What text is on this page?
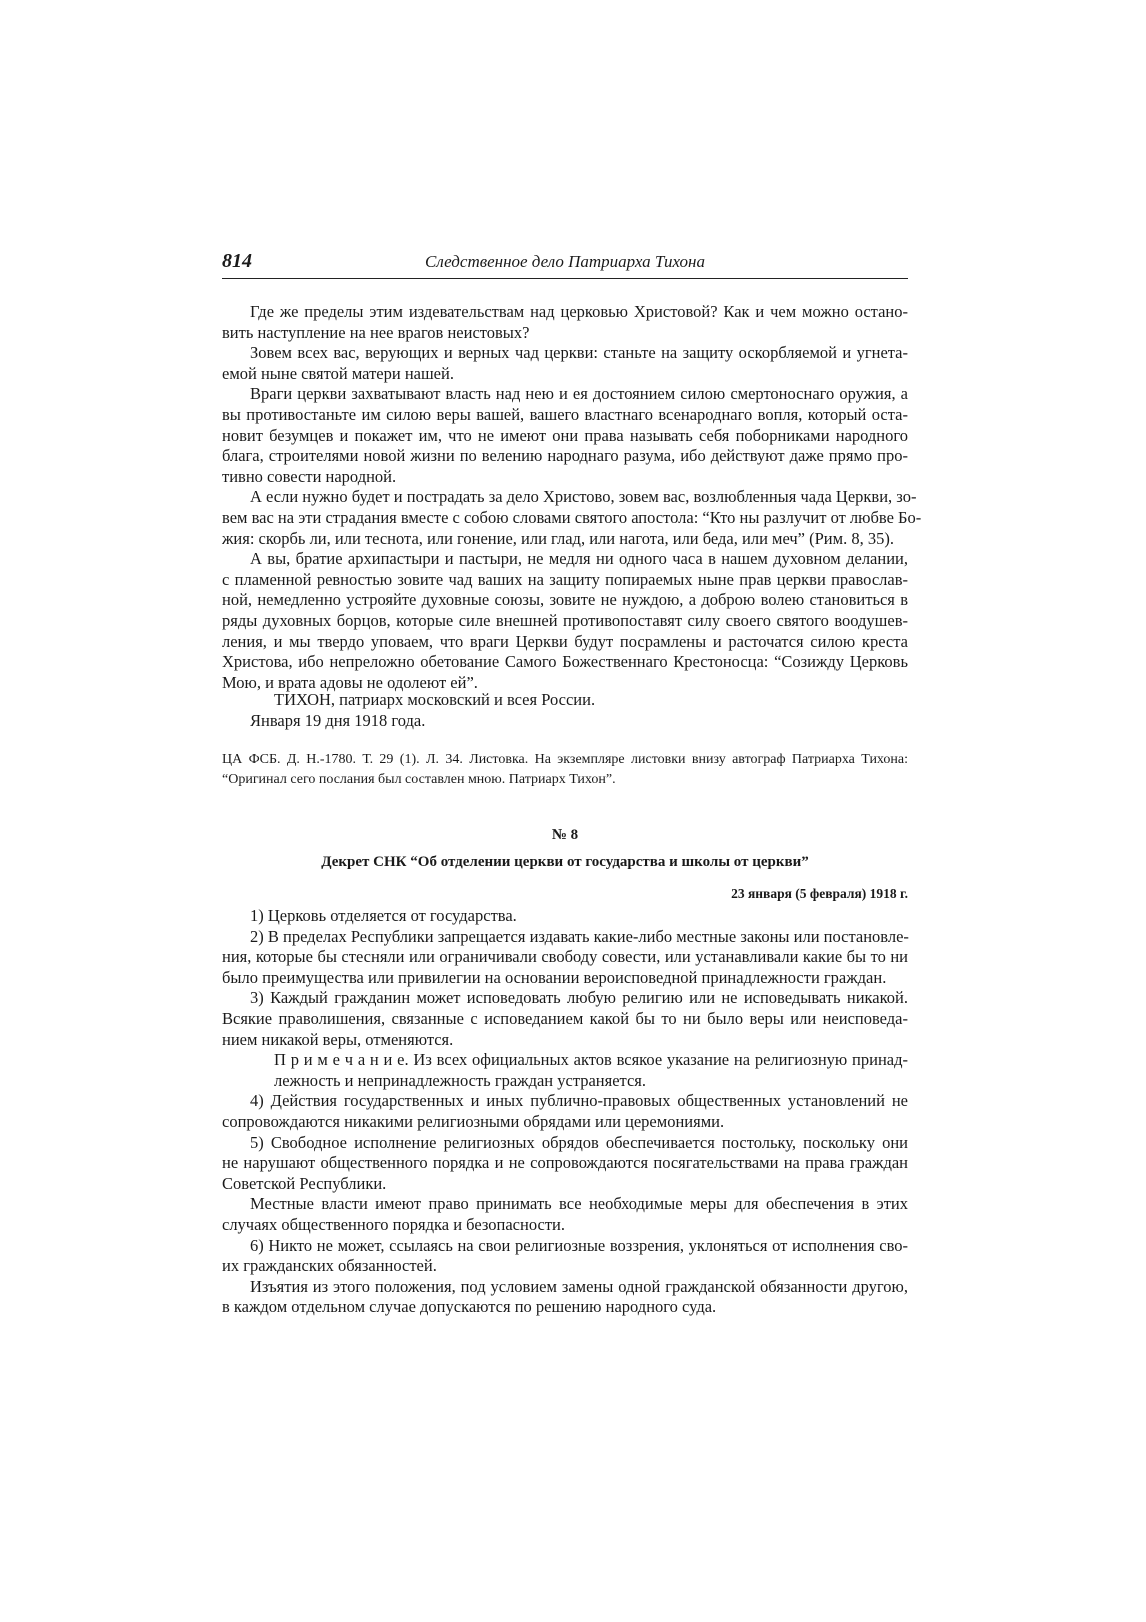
814	Следственное дело Патриарха Тихона
Где же пределы этим издевательствам над церковью Христовой? Как и чем можно остано-
вить наступление на нее врагов неистовых?
Зовем всех вас, верующих и верных чад церкви: станьте на защиту оскорбляемой и угнета-
емой ныне святой матери нашей.
Враги церкви захватывают власть над нею и ея достоянием силою смертоноснаго оружия, а
вы противостаньте им силою веры вашей, вашего властнаго всенароднаго вопля, который оста-
новит безумцев и покажет им, что не имеют они права называть себя поборниками народного
блага, строителями новой жизни по велению народнаго разума, ибо действуют даже прямо про-
тивно совести народной.
А если нужно будет и пострадать за дело Христово, зовем вас, возлюбленныя чада Церкви, зо-
вем вас на эти страдания вместе с собою словами святого апостола: “Кто ны разлучит от любве Бо-
жия: скорбь ли, или теснота, или гонение, или глад, или нагота, или беда, или меч” (Рим. 8, 35).
А вы, братие архипастыри и пастыри, не медля ни одного часа в нашем духовном делании,
с пламенной ревностью зовите чад ваших на защиту попираемых ныне прав церкви православ-
ной, немедленно устрояйте духовные союзы, зовите не нуждою, а доброю волею становиться в
ряды духовных борцов, которые силе внешней противопоставят силу своего святого воодушев-
ления, и мы твердо уповаем, что враги Церкви будут посрамлены и расточатся силою креста
Христова, ибо непреложно обетование Самого Божественнаго Крестоносца: “Созижду Церковь
Мою, и врата адовы не одолеют ей”.
ТИХОН, патриарх московский и всея России.
Января 19 дня 1918 года.
ЦА ФСБ. Д. Н.-1780. Т. 29 (1). Л. 34. Листовка. На экземпляре листовки внизу автограф Патриарха Тихона:
“Оригинал сего послания был составлен мною. Патриарх Тихон”.
№ 8
Декрет СНК “Об отделении церкви от государства и школы от церкви”
23 января (5 февраля) 1918 г.
1) Церковь отделяется от государства.
2) В пределах Республики запрещается издавать какие-либо местные законы или постановле-
ния, которые бы стесняли или ограничивали свободу совести, или устанавливали какие бы то ни
было преимущества или привилегии на основании вероисповедной принадлежности граждан.
3) Каждый гражданин может исповедовать любую религию или не исповедывать никакой.
Всякие праволишения, связанные с исповеданием какой бы то ни было веры или неисповеда-
нием никакой веры, отменяются.
П р и м е ч а н и е. Из всех официальных актов всякое указание на религиозную принад-
лежность и непринадлежность граждан устраняется.
4) Действия государственных и иных публично-правовых общественных установлений не
сопровождаются никакими религиозными обрядами или церемониями.
5) Свободное исполнение религиозных обрядов обеспечивается постольку, поскольку они
не нарушают общественного порядка и не сопровождаются посягательствами на права граждан
Советской Республики.
Местные власти имеют право принимать все необходимые меры для обеспечения в этих
случаях общественного порядка и безопасности.
6) Никто не может, ссылаясь на свои религиозные воззрения, уклоняться от исполнения сво-
их гражданских обязанностей.
Изъятия из этого положения, под условием замены одной гражданской обязанности другою,
в каждом отдельном случае допускаются по решению народного суда.
